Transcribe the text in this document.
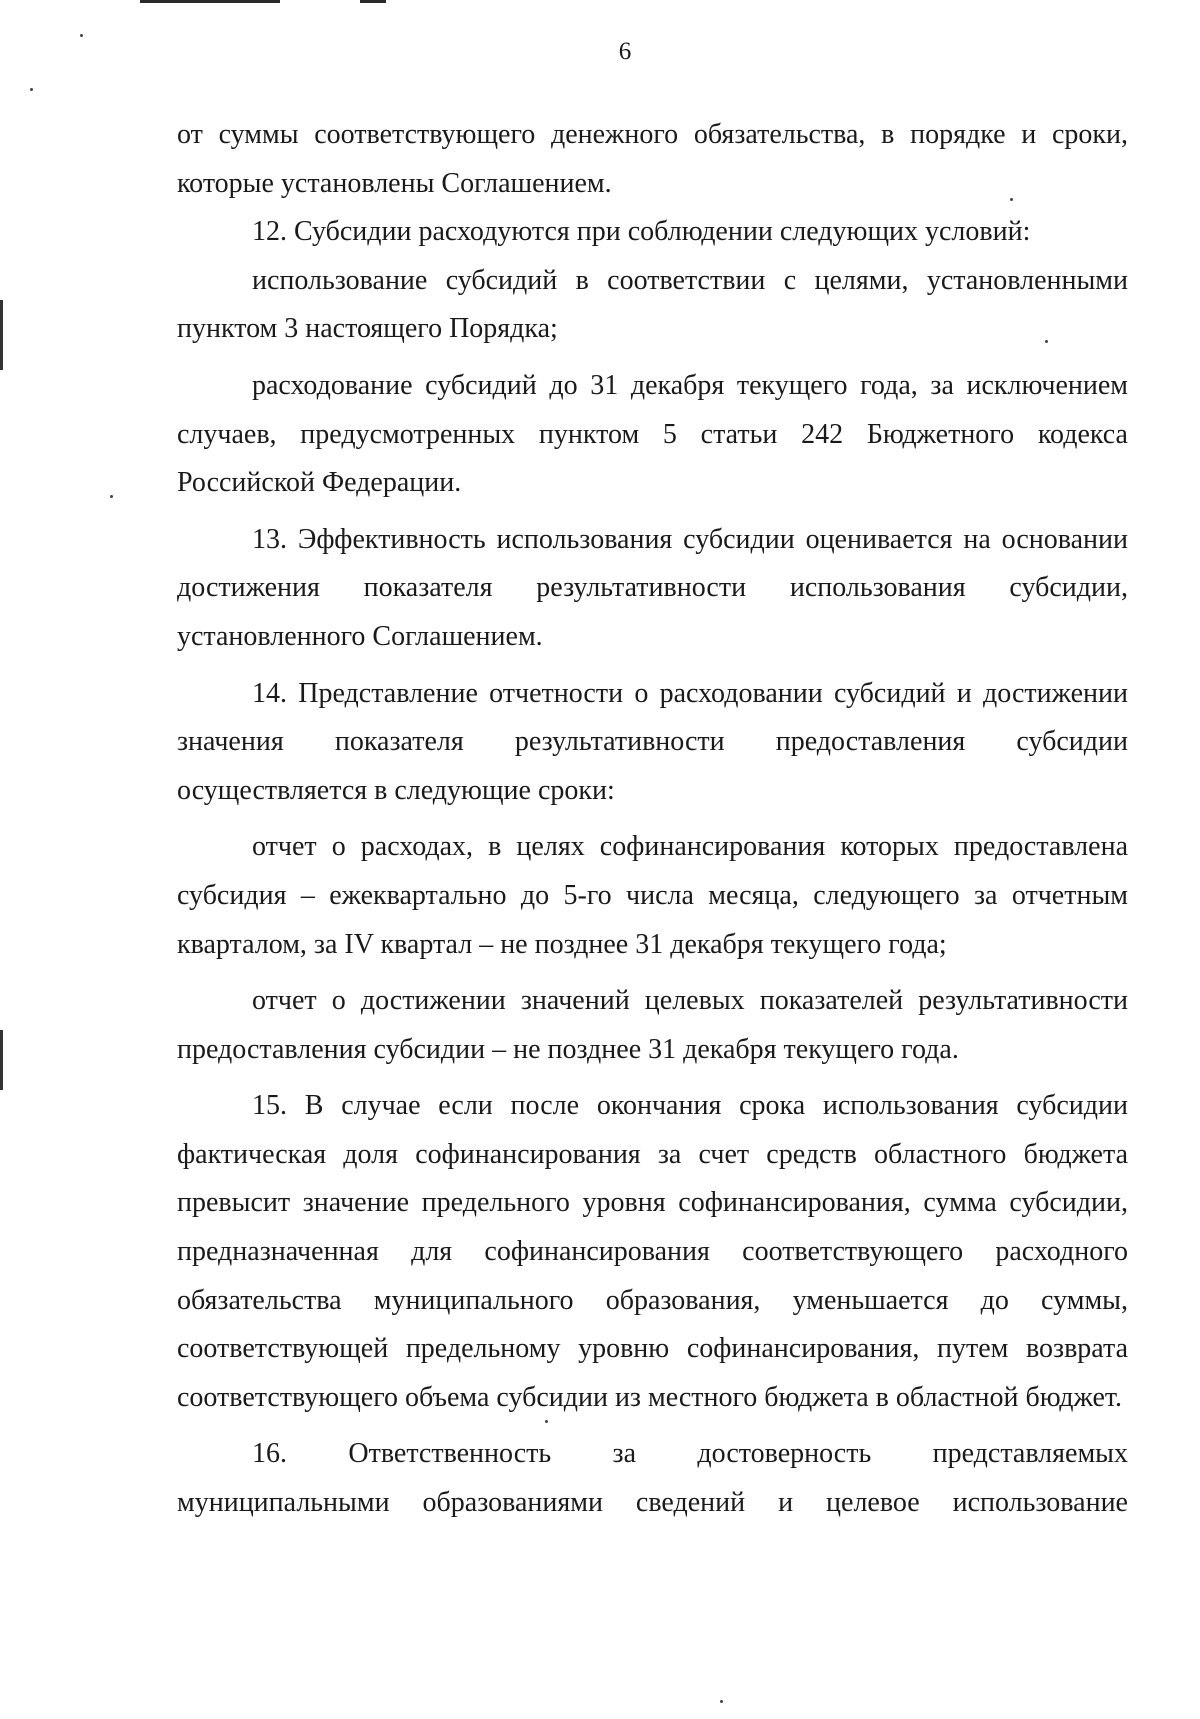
6

от суммы соответствующего денежного обязательства, в порядке и сроки, которые установлены Соглашением.

12. Субсидии расходуются при соблюдении следующих условий:

использование субсидий в соответствии с целями, установленными пунктом 3 настоящего Порядка;

расходование субсидий до 31 декабря текущего года, за исключением случаев, предусмотренных пунктом 5 статьи 242 Бюджетного кодекса Российской Федерации.

13. Эффективность использования субсидии оценивается на основании достижения показателя результативности использования субсидии, установленного Соглашением.

14. Представление отчетности о расходовании субсидий и достижении значения показателя результативности предоставления субсидии осуществляется в следующие сроки:

отчет о расходах, в целях софинансирования которых предоставлена субсидия – ежеквартально до 5-го числа месяца, следующего за отчетным кварталом, за IV квартал – не позднее 31 декабря текущего года;

отчет о достижении значений целевых показателей результативности предоставления субсидии – не позднее 31 декабря текущего года.

15. В случае если после окончания срока использования субсидии фактическая доля софинансирования за счет средств областного бюджета превысит значение предельного уровня софинансирования, сумма субсидии, предназначенная для софинансирования соответствующего расходного обязательства муниципального образования, уменьшается до суммы, соответствующей предельному уровню софинансирования, путем возврата соответствующего объема субсидии из местного бюджета в областной бюджет.

16. Ответственность за достоверность представляемых муниципальными образованиями сведений и целевое использование
